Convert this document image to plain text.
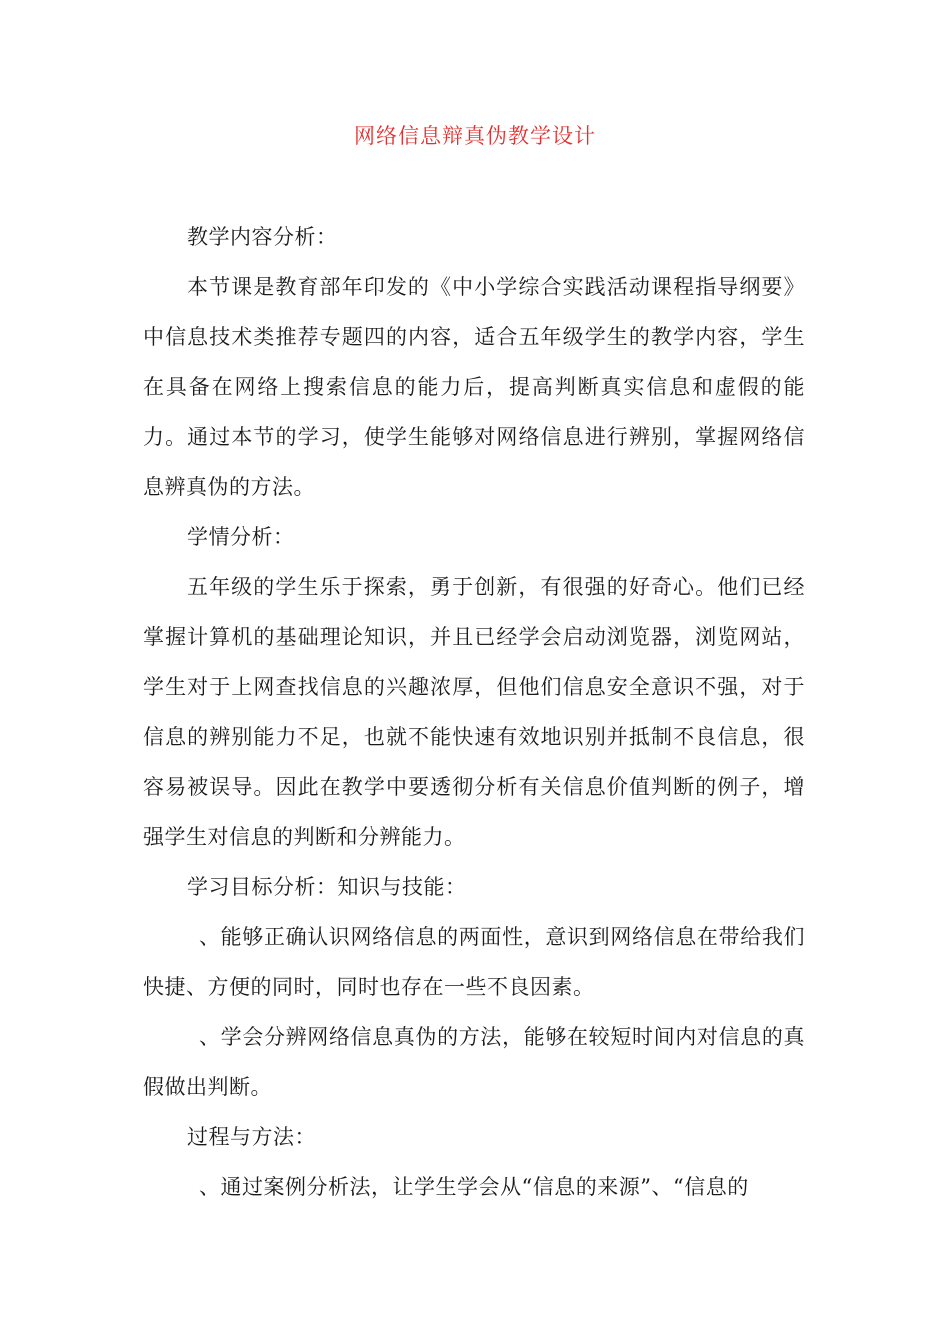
网络信息辩真伪教学设计

教学内容分析：

本节课是教育部年印发的《中小学综合实践活动课程指导纲要》中信息技术类推荐专题四的内容，适合五年级学生的教学内容，学生在具备在网络上搜索信息的能力后，提高判断真实信息和虚假的能力。通过本节的学习，使学生能够对网络信息进行辨别，掌握网络信息辨真伪的方法。

学情分析：

五年级的学生乐于探索，勇于创新，有很强的好奇心。他们已经掌握计算机的基础理论知识，并且已经学会启动浏览器，浏览网站，学生对于上网查找信息的兴趣浓厚，但他们信息安全意识不强，对于信息的辨别能力不足，也就不能快速有效地识别并抵制不良信息，很容易被误导。因此在教学中要透彻分析有关信息价值判断的例子，增强学生对信息的判断和分辨能力。

学习目标分析：知识与技能：

、能够正确认识网络信息的两面性，意识到网络信息在带给我们快捷、方便的同时，同时也存在一些不良因素。

、学会分辨网络信息真伪的方法，能够在较短时间内对信息的真假做出判断。

过程与方法：

、通过案例分析法，让学生学会从“信息的来源”、“信息的
